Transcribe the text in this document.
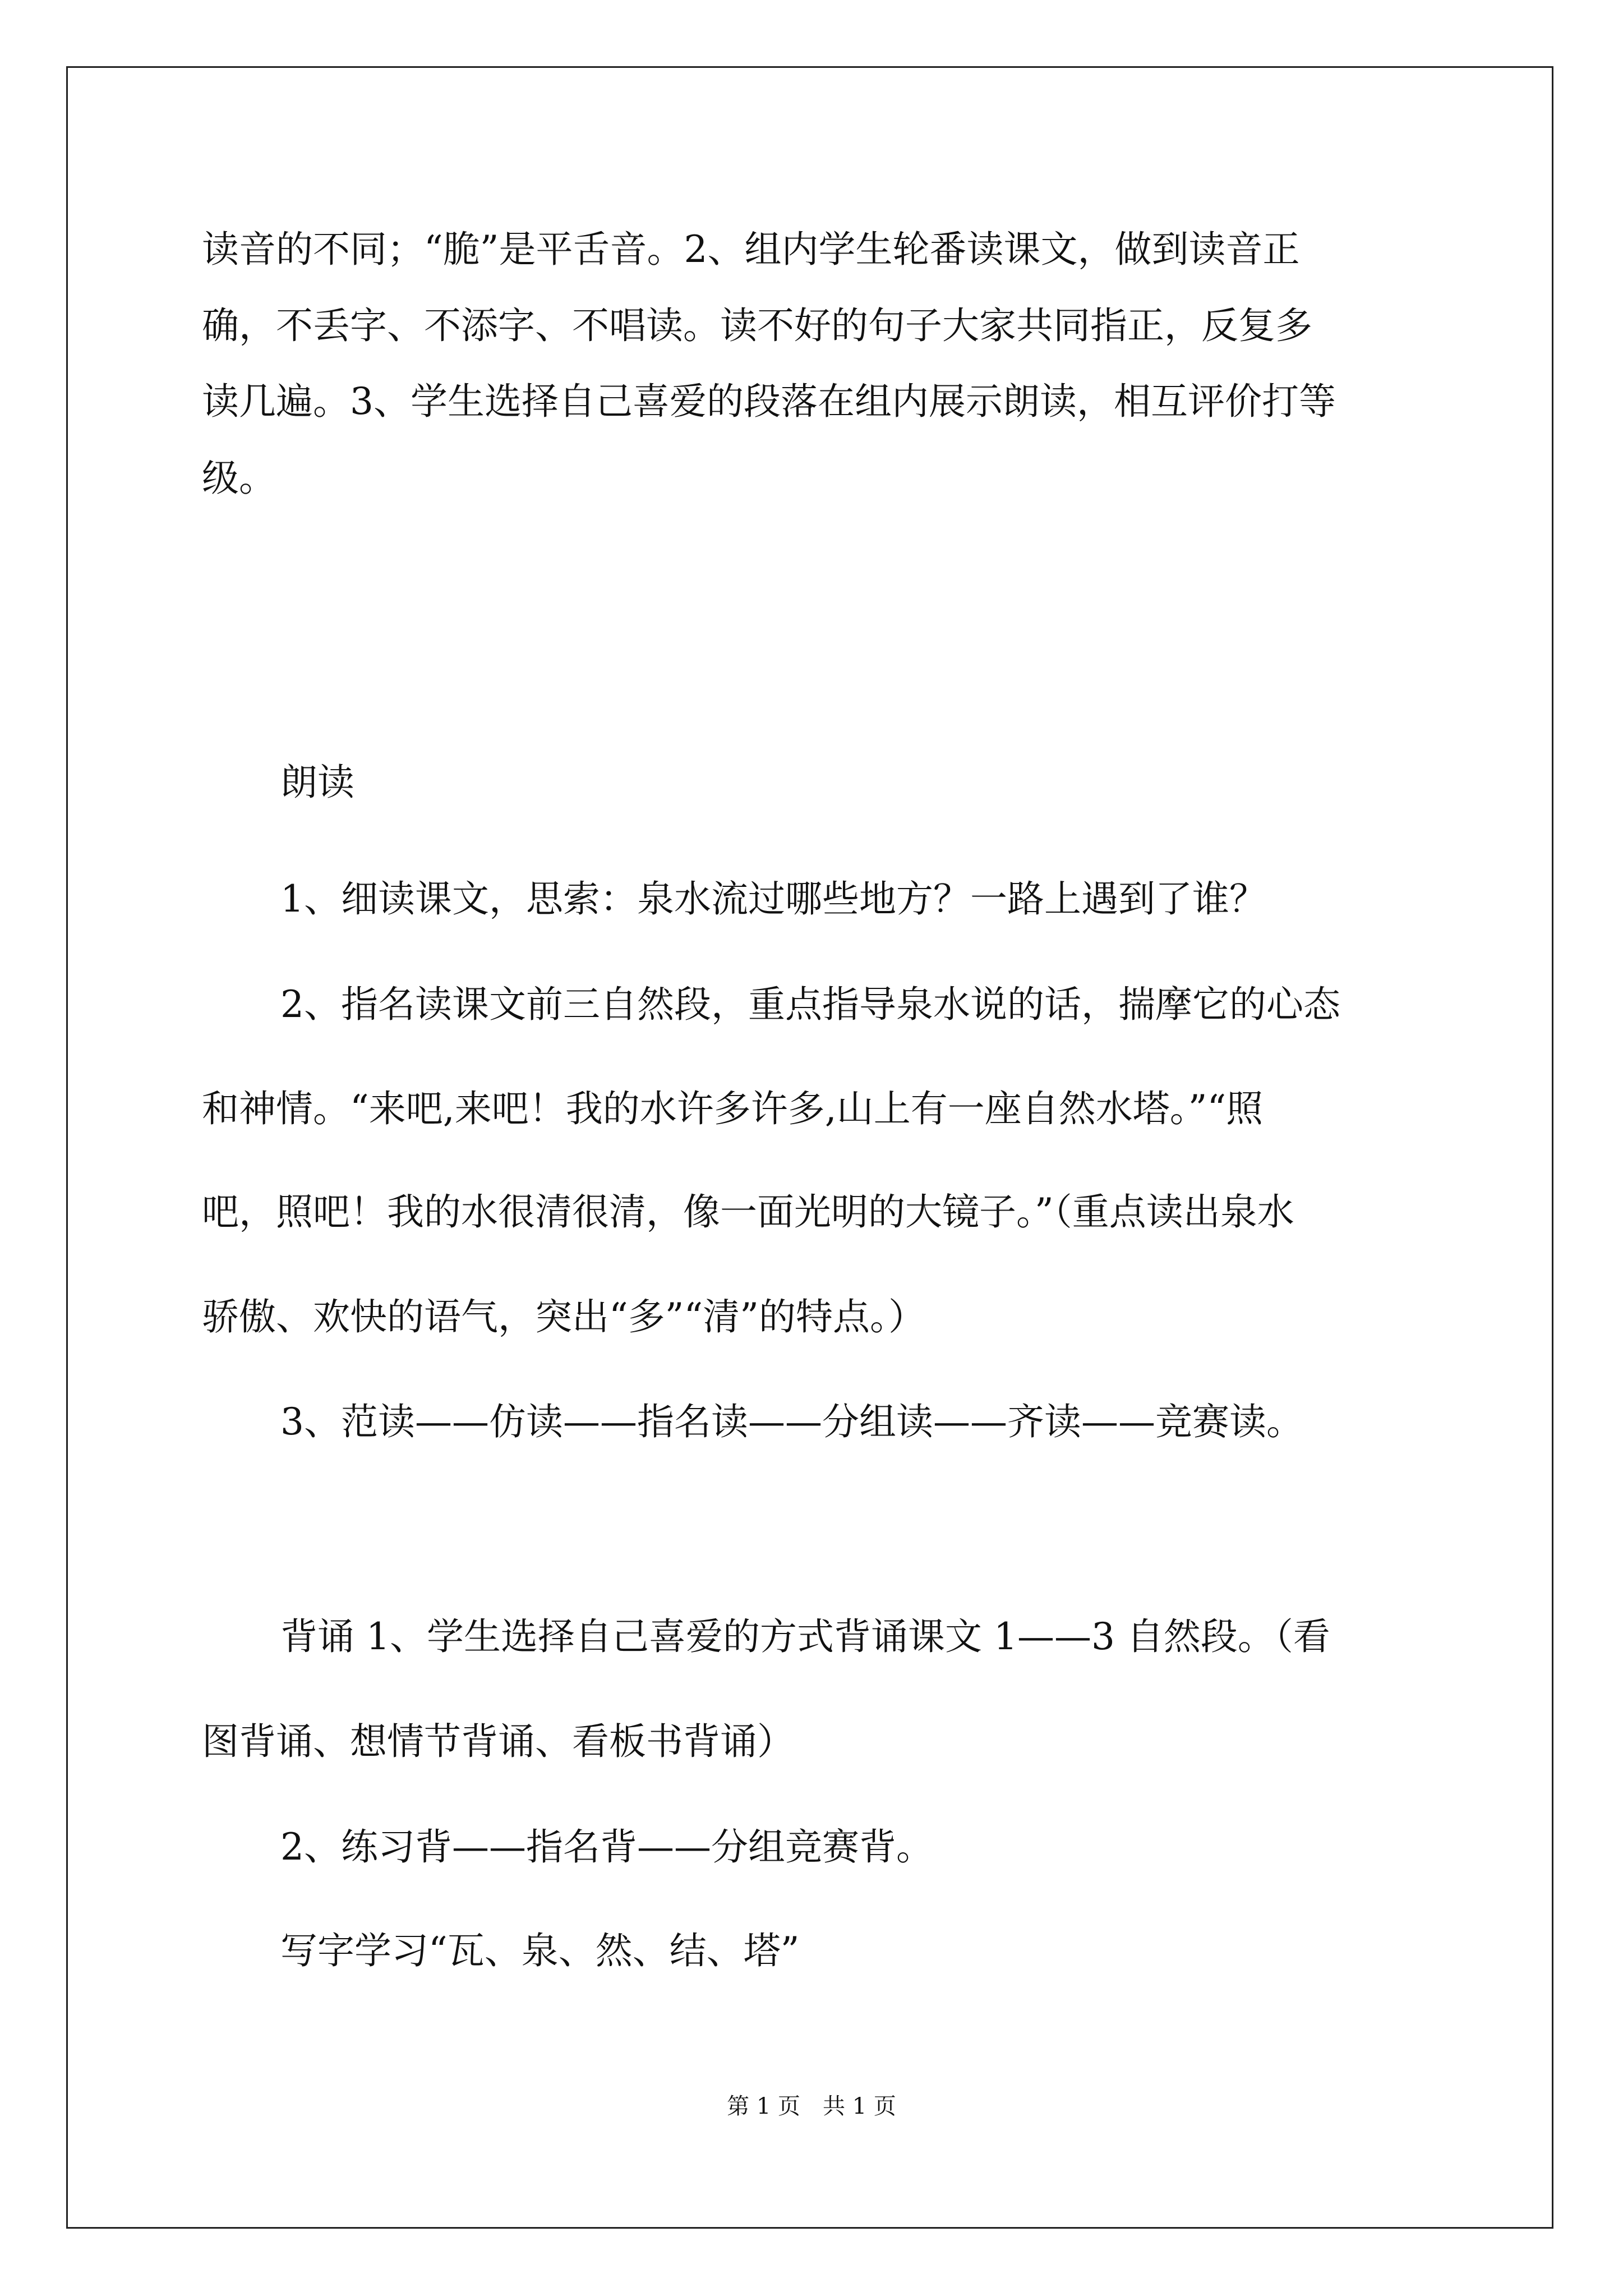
读音的不同；“脆”是平舌音。2、组内学生轮番读课文，做到读音正
确，不丢字、不添字、不唱读。读不好的句子大家共同指正，反复多
读几遍。3、学生选择自己喜爱的段落在组内展示朗读，相互评价打等
级。
朗读
1、细读课文，思索：泉水流过哪些地方？一路上遇到了谁？
2、指名读课文前三自然段，重点指导泉水说的话，揣摩它的心态
和神情。“来吧,来吧！我的水许多许多,山上有一座自然水塔。”“照
吧，照吧！我的水很清很清，像一面光明的大镜子。”（重点读出泉水
骄傲、欢快的语气，突出“多”“清”的特点。）
3、范读——仿读——指名读——分组读——齐读——竞赛读。
背诵 1、学生选择自己喜爱的方式背诵课文 1——3 自然段。（看
图背诵、想情节背诵、看板书背诵）
2、练习背——指名背——分组竞赛背。
写字学习“瓦、泉、然、结、塔”
第 1 页　共 1 页
